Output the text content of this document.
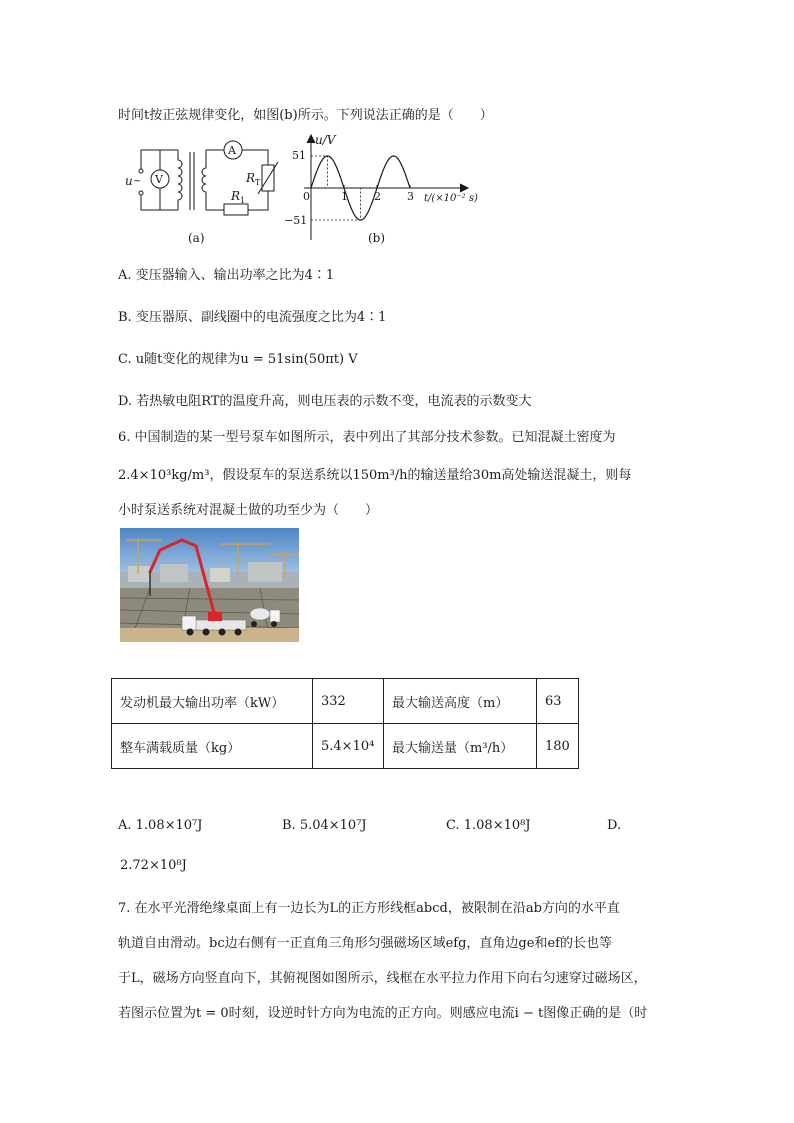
时间t按正弦规律变化，如图(b)所示。下列说法正确的是（　　）
u ~ V
A
R T
R 1
(a)
1 2 3
u/V
51
−51
0	t/(×10⁻² s)
(b)
A. 变压器输入、输出功率之比为4∶1
B. 变压器原、副线圈中的电流强度之比为4∶1
C. u随t变化的规律为u = 51sin(50πt) V
D. 若热敏电阻RT的温度升高，则电压表的示数不变，电流表的示数变大
6. 中国制造的某一型号泵车如图所示，表中列出了其部分技术参数。已知混凝土密度为
2.4×10³kg/m³，假设泵车的泵送系统以150m³/h的输送量给30m高处输送混凝土，则每
小时泵送系统对混凝土做的功至少为（　　）
发动机最大输出功率（kW）	332	最大输送高度（m）	63
整车满载质量（kg）	5.4×10⁴	最大输送量（m³/h）	180
A. 1.08×10⁷J	B. 5.04×10⁷J	C. 1.08×10⁸J	D.
2.72×10⁸J
7. 在水平光滑绝缘桌面上有一边长为L的正方形线框abcd，被限制在沿ab方向的水平直
轨道自由滑动。bc边右侧有一正直角三角形匀强磁场区域efg，直角边ge和ef的长也等
于L，磁场方向竖直向下，其俯视图如图所示，线框在水平拉力作用下向右匀速穿过磁场区，
若图示位置为t = 0时刻，设逆时针方向为电流的正方向。则感应电流i − t图像正确的是（时
